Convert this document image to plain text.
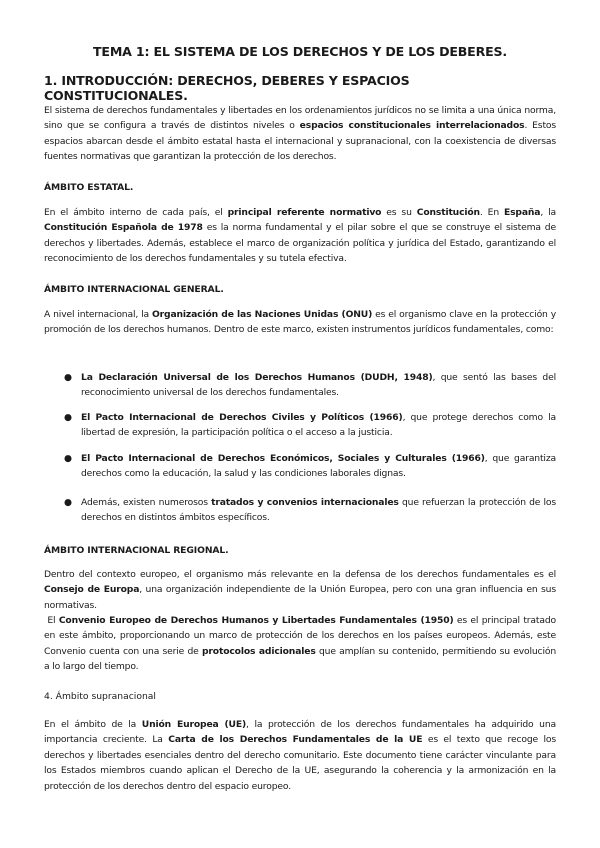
TEMA 1: EL SISTEMA DE LOS DERECHOS Y DE LOS DEBERES.
1. INTRODUCCIÓN: DERECHOS, DEBERES Y ESPACIOS CONSTITUCIONALES.
El sistema de derechos fundamentales y libertades en los ordenamientos jurídicos no se limita a una única norma, sino que se configura a través de distintos niveles o espacios constitucionales interrelacionados. Estos espacios abarcan desde el ámbito estatal hasta el internacional y supranacional, con la coexistencia de diversas fuentes normativas que garantizan la protección de los derechos.
ÁMBITO ESTATAL.
En el ámbito interno de cada país, el principal referente normativo es su Constitución. En España, la Constitución Española de 1978 es la norma fundamental y el pilar sobre el que se construye el sistema de derechos y libertades. Además, establece el marco de organización política y jurídica del Estado, garantizando el reconocimiento de los derechos fundamentales y su tutela efectiva.
ÁMBITO INTERNACIONAL GENERAL.
A nivel internacional, la Organización de las Naciones Unidas (ONU) es el organismo clave en la protección y promoción de los derechos humanos. Dentro de este marco, existen instrumentos jurídicos fundamentales, como:
● La Declaración Universal de los Derechos Humanos (DUDH, 1948), que sentó las bases del reconocimiento universal de los derechos fundamentales.
● El Pacto Internacional de Derechos Civiles y Políticos (1966), que protege derechos como la libertad de expresión, la participación política o el acceso a la justicia.
● El Pacto Internacional de Derechos Económicos, Sociales y Culturales (1966), que garantiza derechos como la educación, la salud y las condiciones laborales dignas.
● Además, existen numerosos tratados y convenios internacionales que refuerzan la protección de los derechos en distintos ámbitos específicos.
ÁMBITO INTERNACIONAL REGIONAL.
Dentro del contexto europeo, el organismo más relevante en la defensa de los derechos fundamentales es el Consejo de Europa, una organización independiente de la Unión Europea, pero con una gran influencia en sus normativas.
El Convenio Europeo de Derechos Humanos y Libertades Fundamentales (1950) es el principal tratado en este ámbito, proporcionando un marco de protección de los derechos en los países europeos. Además, este Convenio cuenta con una serie de protocolos adicionales que amplían su contenido, permitiendo su evolución a lo largo del tiempo.
4. Ámbito supranacional
En el ámbito de la Unión Europea (UE), la protección de los derechos fundamentales ha adquirido una importancia creciente. La Carta de los Derechos Fundamentales de la UE es el texto que recoge los derechos y libertades esenciales dentro del derecho comunitario. Este documento tiene carácter vinculante para los Estados miembros cuando aplican el Derecho de la UE, asegurando la coherencia y la armonización en la protección de los derechos dentro del espacio europeo.
